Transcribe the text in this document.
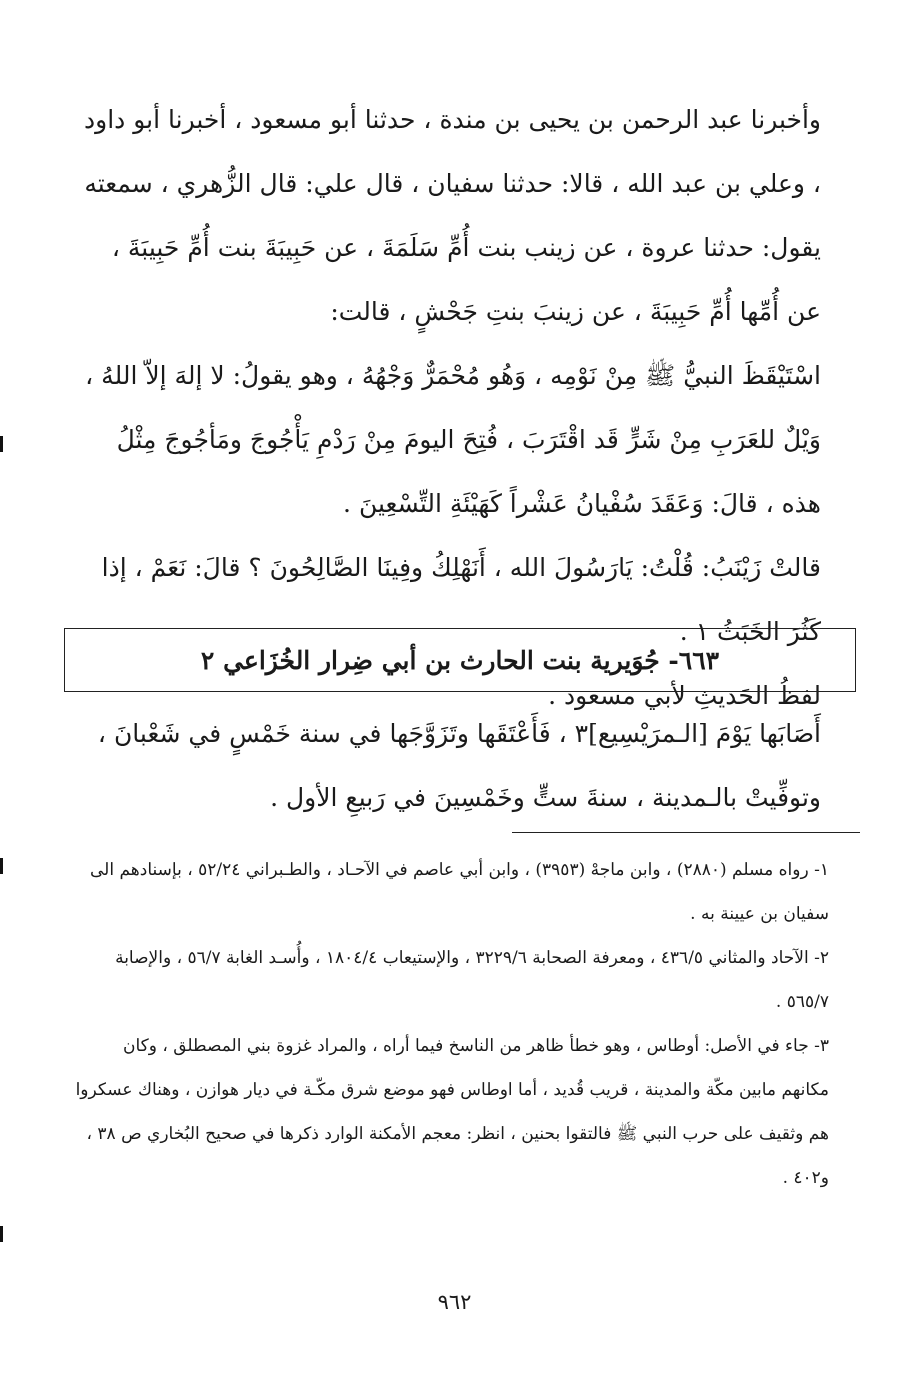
وأخبرنا عبد الرحمن بن يحيى بن مندة ، حدثنا أبو مسعود ، أخبرنا أبو داود ، وعلي بن عبد الله ، قالا: حدثنا سفيان ، قال علي: قال الزُّهري ، سمعته يقول: حدثنا عروة ، عن زينب بنت أُمِّ سَلَمَةَ ، عن حَبِيبَةَ بنت أُمِّ حَبِيبَةَ ، عن أُمِّها أُمِّ حَبِيبَةَ ، عن زينبَ بنتِ جَحْشٍ ، قالت:

اسْتَيْقَظَ النبيُّ ﷺ مِنْ نَوْمِه ، وَهُو مُحْمَرٌّ وَجْهُهُ ، وهو يقولُ: لا إلهَ إلاّ اللهُ ، وَيْلٌ للعَرَبِ مِنْ شَرٍّ قَد اقْتَرَبَ ، فُتِحَ اليومَ مِنْ رَدْمِ يَأْجُوجَ ومَأجُوجَ مِثْلُ هذه ، قالَ: وَعَقَدَ سُفْيانُ عَشْراً كَهَيْئَةِ التِّسْعِينَ .

قالتْ زَيْنَبُ: قُلْتُ: يَارَسُولَ الله ، أَنَهْلِكُ وفِينَا الصَّالِحُونَ ؟ قالَ: نَعَمْ ، إذا كَثُرَ الخَبَثُ ١ .

لفظُ الحَديثِ لأبي مسعود .

٦٦٣- جُوَيرية بنت الحارث بن أبي ضِرار الخُزَاعي ٢

أَصَابَها يَوْمَ [الـمرَيْسِيع]٣ ، فَأَعْتَقَها وتَزَوَّجَها في سنة خَمْسٍ في شَعْبانَ ، وتوفِّيتْ بالـمدينة ، سنةَ ستٍّ وخَمْسِينَ في رَبيعِ الأول .

١- رواه مسلم (٢٨٨٠) ، وابن ماجهْ (٣٩٥٣) ، وابن أبي عاصم في الآحـاد ، والطـبراني ٥٢/٢٤ ، بإسنادهم الى سفيان بن عيينة به .

٢- الآحاد والمثاني ٤٣٦/٥ ، ومعرفة الصحابة ٣٢٢٩/٦ ، والإستيعاب ١٨٠٤/٤ ، وأُسـد الغابة ٥٦/٧ ، والإصابة ٥٦٥/٧ .

٣- جاء في الأصل: أوطاس ، وهو خطأ ظاهر من الناسخ فيما أراه ، والمراد غزوة بني المصطلق ، وكان مكانهم مابين مكّة والمدينة ، قريب قُديد ، أما اوطاس فهو موضع شرق مكّـة في ديار هوازن ، وهناك عسكروا هم وثقيف على حرب النبي ﷺ فالتقوا بحنين ، انظر: معجم الأمكنة الوارد ذكرها في صحيح البُخاري ص ٣٨ ، و٤٠٢ .

٩٦٢
